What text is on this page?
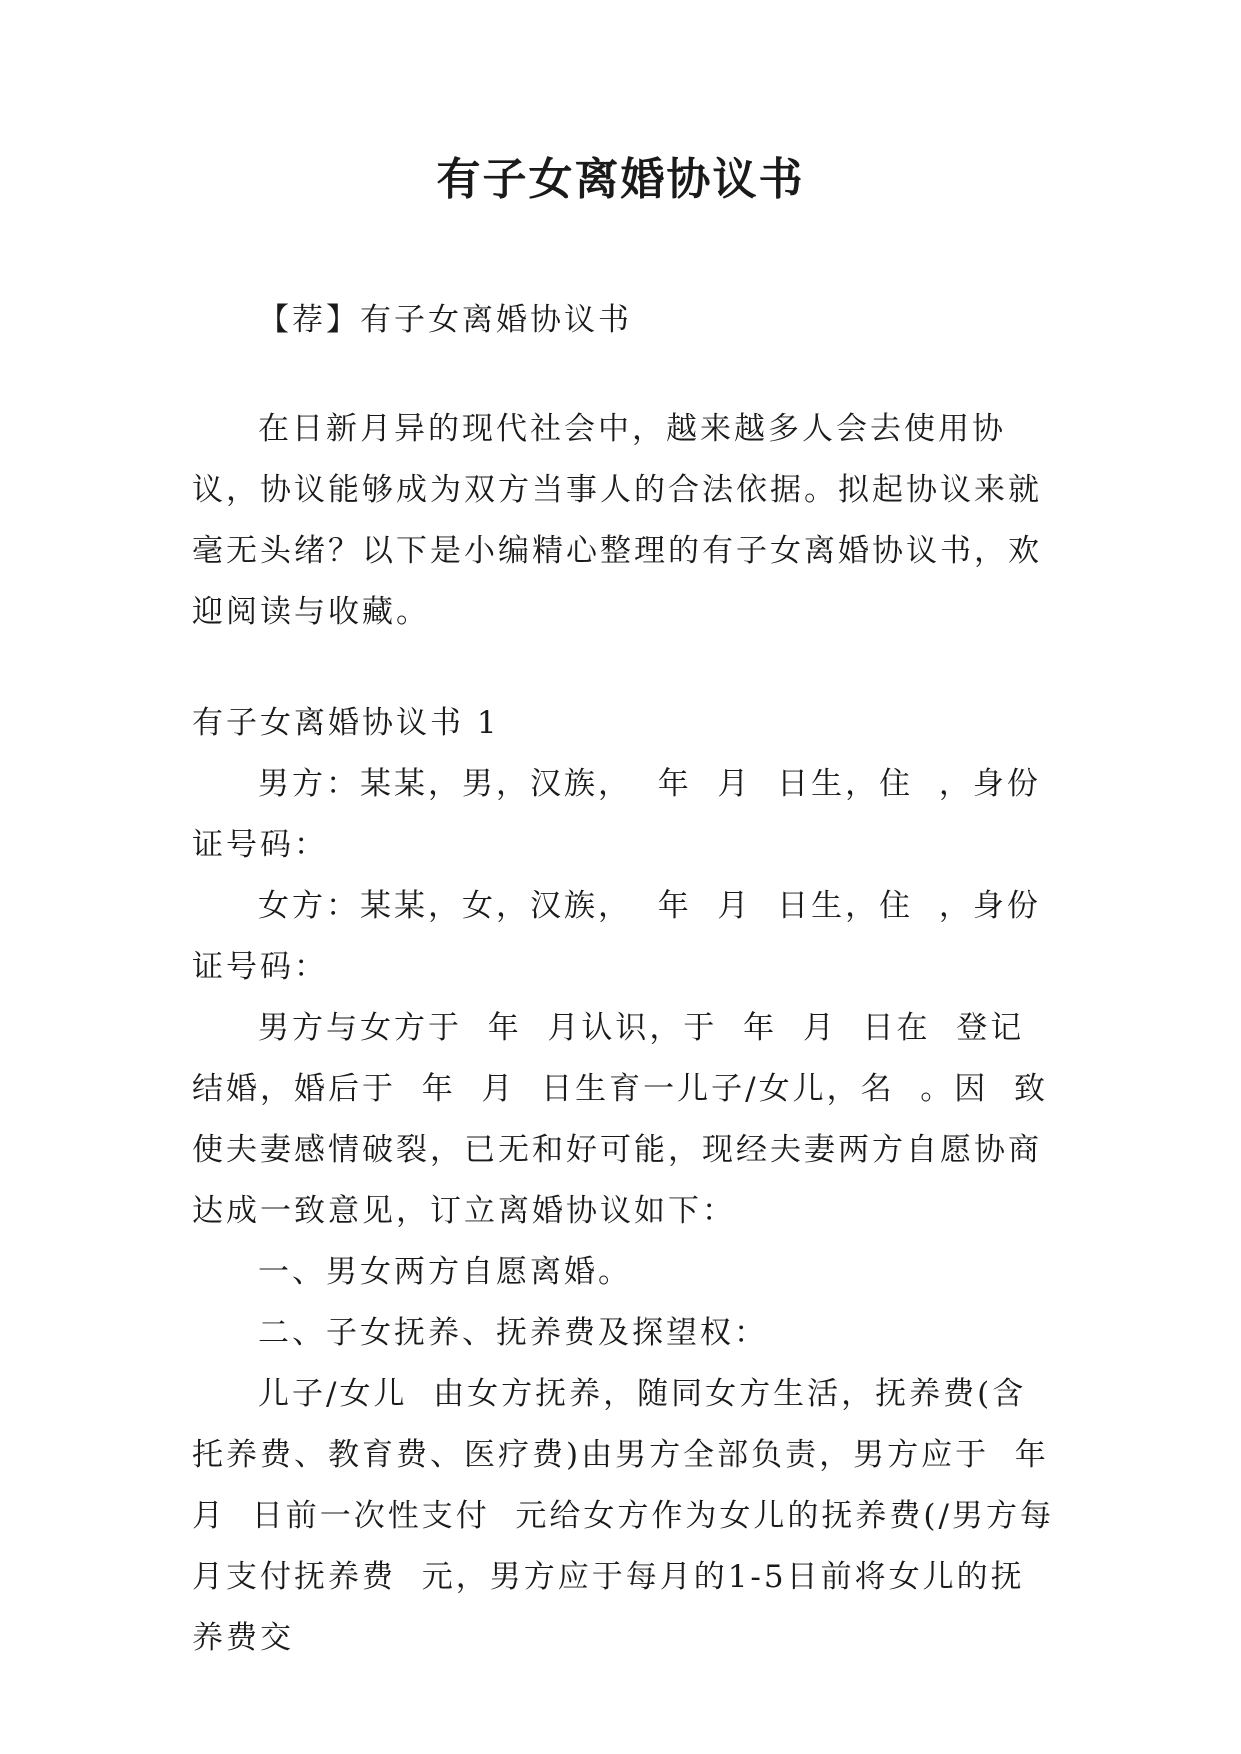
有子女离婚协议书

【荐】有子女离婚协议书

在日新月异的现代社会中，越来越多人会去使用协议，协议能够成为双方当事人的合法依据。拟起协议来就毫无头绪？以下是小编精心整理的有子女离婚协议书，欢迎阅读与收藏。

有子女离婚协议书 1

男方：某某，男，汉族，  年  月  日生，住  ，身份证号码：

女方：某某，女，汉族，  年  月  日生，住  ，身份证号码：

男方与女方于  年  月认识，于  年  月  日在  登记结婚，婚后于  年  月  日生育一儿子/女儿，名  。因  致使夫妻感情破裂，已无和好可能，现经夫妻两方自愿协商达成一致意见，订立离婚协议如下：

一、男女两方自愿离婚。

二、子女抚养、抚养费及探望权：

儿子/女儿  由女方抚养，随同女方生活，抚养费(含托养费、教育费、医疗费)由男方全部负责，男方应于  年  月  日前一次性支付  元给女方作为女儿的抚养费(/男方每月支付抚养费  元，男方应于每月的1-5日前将女儿的抚养费交
